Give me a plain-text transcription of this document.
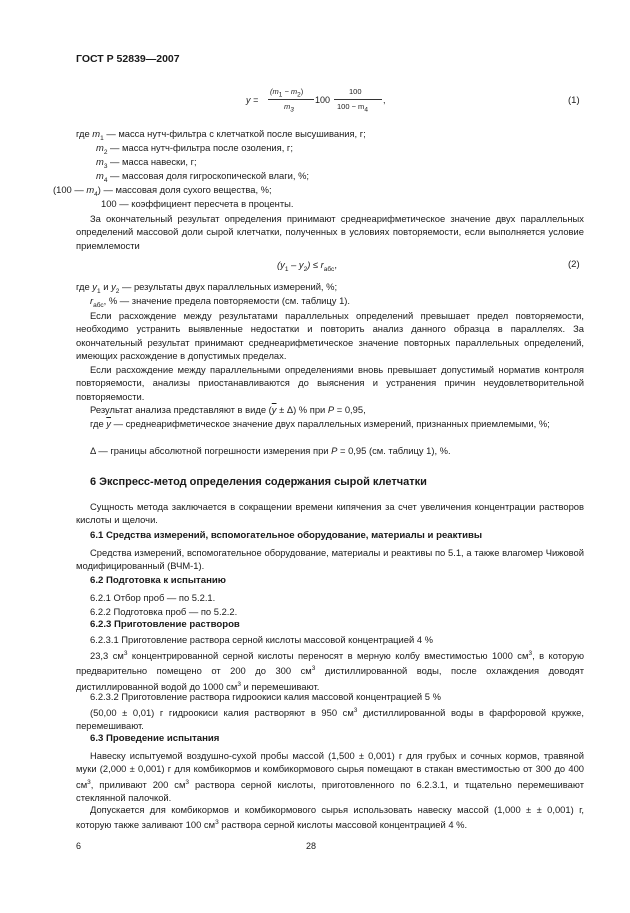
ГОСТ Р 52839—2007
y =
$(m_1 - m_2)$
$m_3$
100
100
$100 - m_4$
,	(1)
где $m_1$ — масса нутч-фильтра с клетчаткой после высушивания, г;
$m_2$ — масса нутч-фильтра после озоления, г;
$m_3$ — масса навески, г;
$m_4$ — массовая доля гигроскопической влаги, %;
(100 — $m_4$) — массовая доля сухого вещества, %;
100 — коэффициент пересчета в проценты.
За окончательный результат определения принимают среднеарифметическое значение двух параллельных определений массовой доли сырой клетчатки, полученных в условиях повторяемости, если выполняется условие приемлемости
$(y_1 - y_2) \le r_{абс}$,	(2)
где $y_1$ и $y_2$ — результаты двух параллельных измерений, %;
$r_{абс}$, % — значение предела повторяемости (см. таблицу 1).
Если расхождение между результатами параллельных определений превышает предел повторяемости, необходимо устранить выявленные недостатки и повторить анализ данного образца в параллелях. За окончательный результат принимают среднеарифметическое значение повторных параллельных определений, имеющих расхождение в допустимых пределах.
Если расхождение между параллельными определениями вновь превышает допустимый норматив контроля повторяемости, анализы приостанавливаются до выяснения и устранения причин неудовлетворительной повторяемости.
Результат анализа представляют в виде $(\overline{y} \pm \Delta)$ % при P = 0,95,
где $\overline{y}$ — среднеарифметическое значение двух параллельных измерений, признанных приемлемыми, %;
Δ — границы абсолютной погрешности измерения при P = 0,95 (см. таблицу 1), %.
6 Экспресс-метод определения содержания сырой клетчатки
Сущность метода заключается в сокращении времени кипячения за счет увеличения концентрации растворов кислоты и щелочи.
6.1 Средства измерений, вспомогательное оборудование, материалы и реактивы
Средства измерений, вспомогательное оборудование, материалы и реактивы по 5.1, а также влагомер Чижовой модифицированный (ВЧМ-1).
6.2 Подготовка к испытанию
6.2.1 Отбор проб — по 5.2.1.
6.2.2 Подготовка проб — по 5.2.2.
6.2.3 Приготовление растворов
6.2.3.1 Приготовление раствора серной кислоты массовой концентрацией 4 %
23,3 $см^3$ концентрированной серной кислоты переносят в мерную колбу вместимостью 1000 $см^3$, в которую предварительно помещено от 200 до 300 $см^3$ дистиллированной воды, после охлаждения доводят дистиллированной водой до 1000 $см^3$ и перемешивают.
6.2.3.2 Приготовление раствора гидроокиси калия массовой концентрацией 5 %
(50,00 ± 0,01) г гидроокиси калия растворяют в 950 $см^3$ дистиллированной воды в фарфоровой кружке, перемешивают.
6.3 Проведение испытания
Навеску испытуемой воздушно-сухой пробы массой (1,500 ± 0,001) г для грубых и сочных кормов, травяной муки (2,000 ± 0,001) г для комбикормов и комбикормового сырья помещают в стакан вместимостью от 300 до 400 $см^3$, приливают 200 $см^3$ раствора серной кислоты, приготовленного по 6.2.3.1, и тщательно перемешивают стеклянной палочкой.
Допускается для комбикормов и комбикормового сырья использовать навеску массой (1,000 ± ± 0,001) г, которую также заливают 100 $см^3$ раствора серной кислоты массовой концентрацией 4 %.
6	28
